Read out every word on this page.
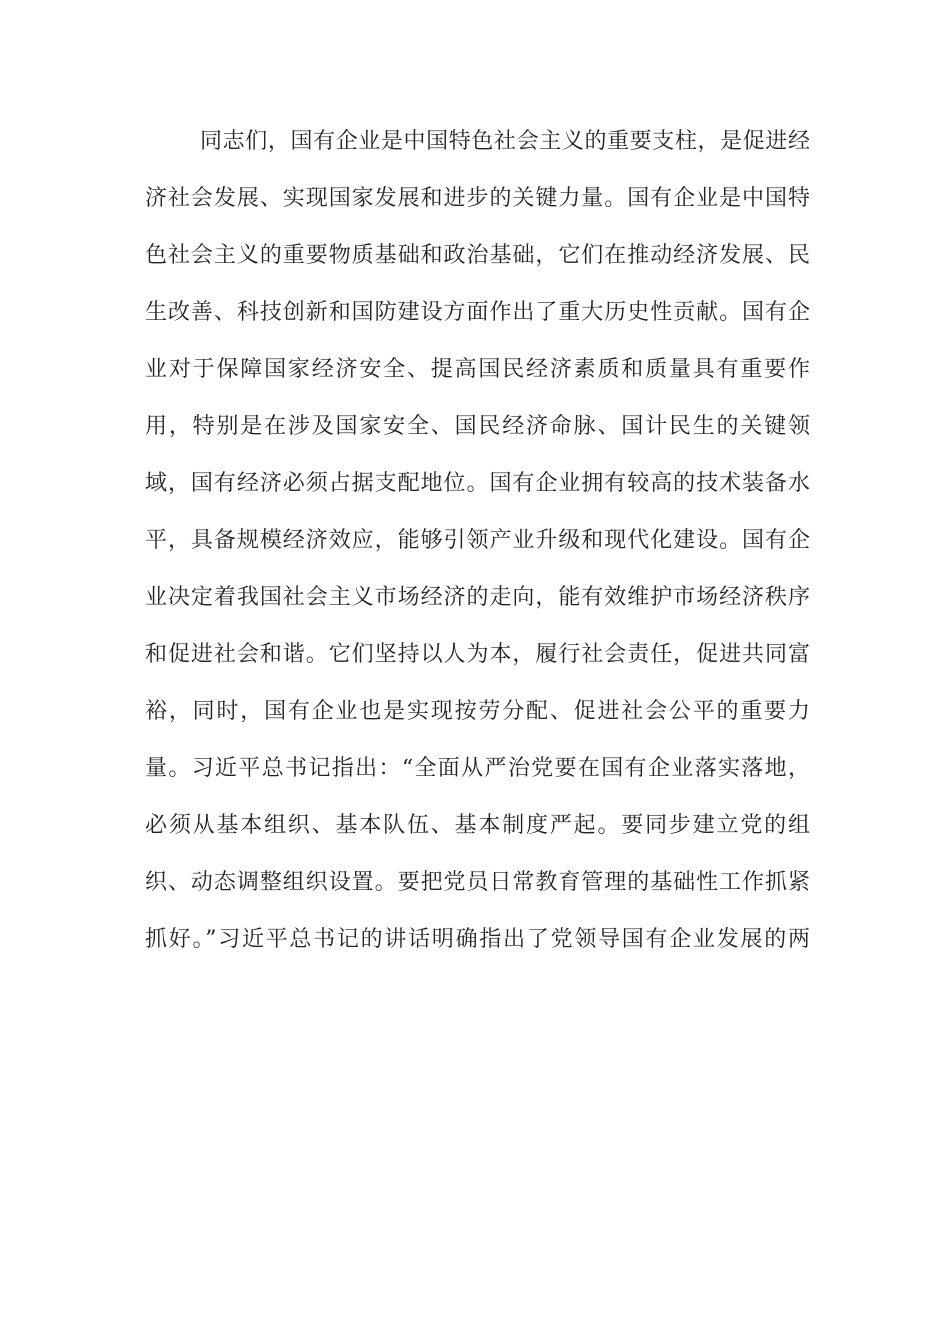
同志们，国有企业是中国特色社会主义的重要支柱，是促进经
济社会发展、实现国家发展和进步的关键力量。国有企业是中国特
色社会主义的重要物质基础和政治基础，它们在推动经济发展、民
生改善、科技创新和国防建设方面作出了重大历史性贡献。国有企
业对于保障国家经济安全、提高国民经济素质和质量具有重要作
用，特别是在涉及国家安全、国民经济命脉、国计民生的关键领
域，国有经济必须占据支配地位。国有企业拥有较高的技术装备水
平，具备规模经济效应，能够引领产业升级和现代化建设。国有企
业决定着我国社会主义市场经济的走向，能有效维护市场经济秩序
和促进社会和谐。它们坚持以人为本，履行社会责任，促进共同富
裕，同时，国有企业也是实现按劳分配、促进社会公平的重要力
量。习近平总书记指出：“全面从严治党要在国有企业落实落地，
必须从基本组织、基本队伍、基本制度严起。要同步建立党的组
织、动态调整组织设置。要把党员日常教育管理的基础性工作抓紧
抓好。”习近平总书记的讲话明确指出了党领导国有企业发展的两
